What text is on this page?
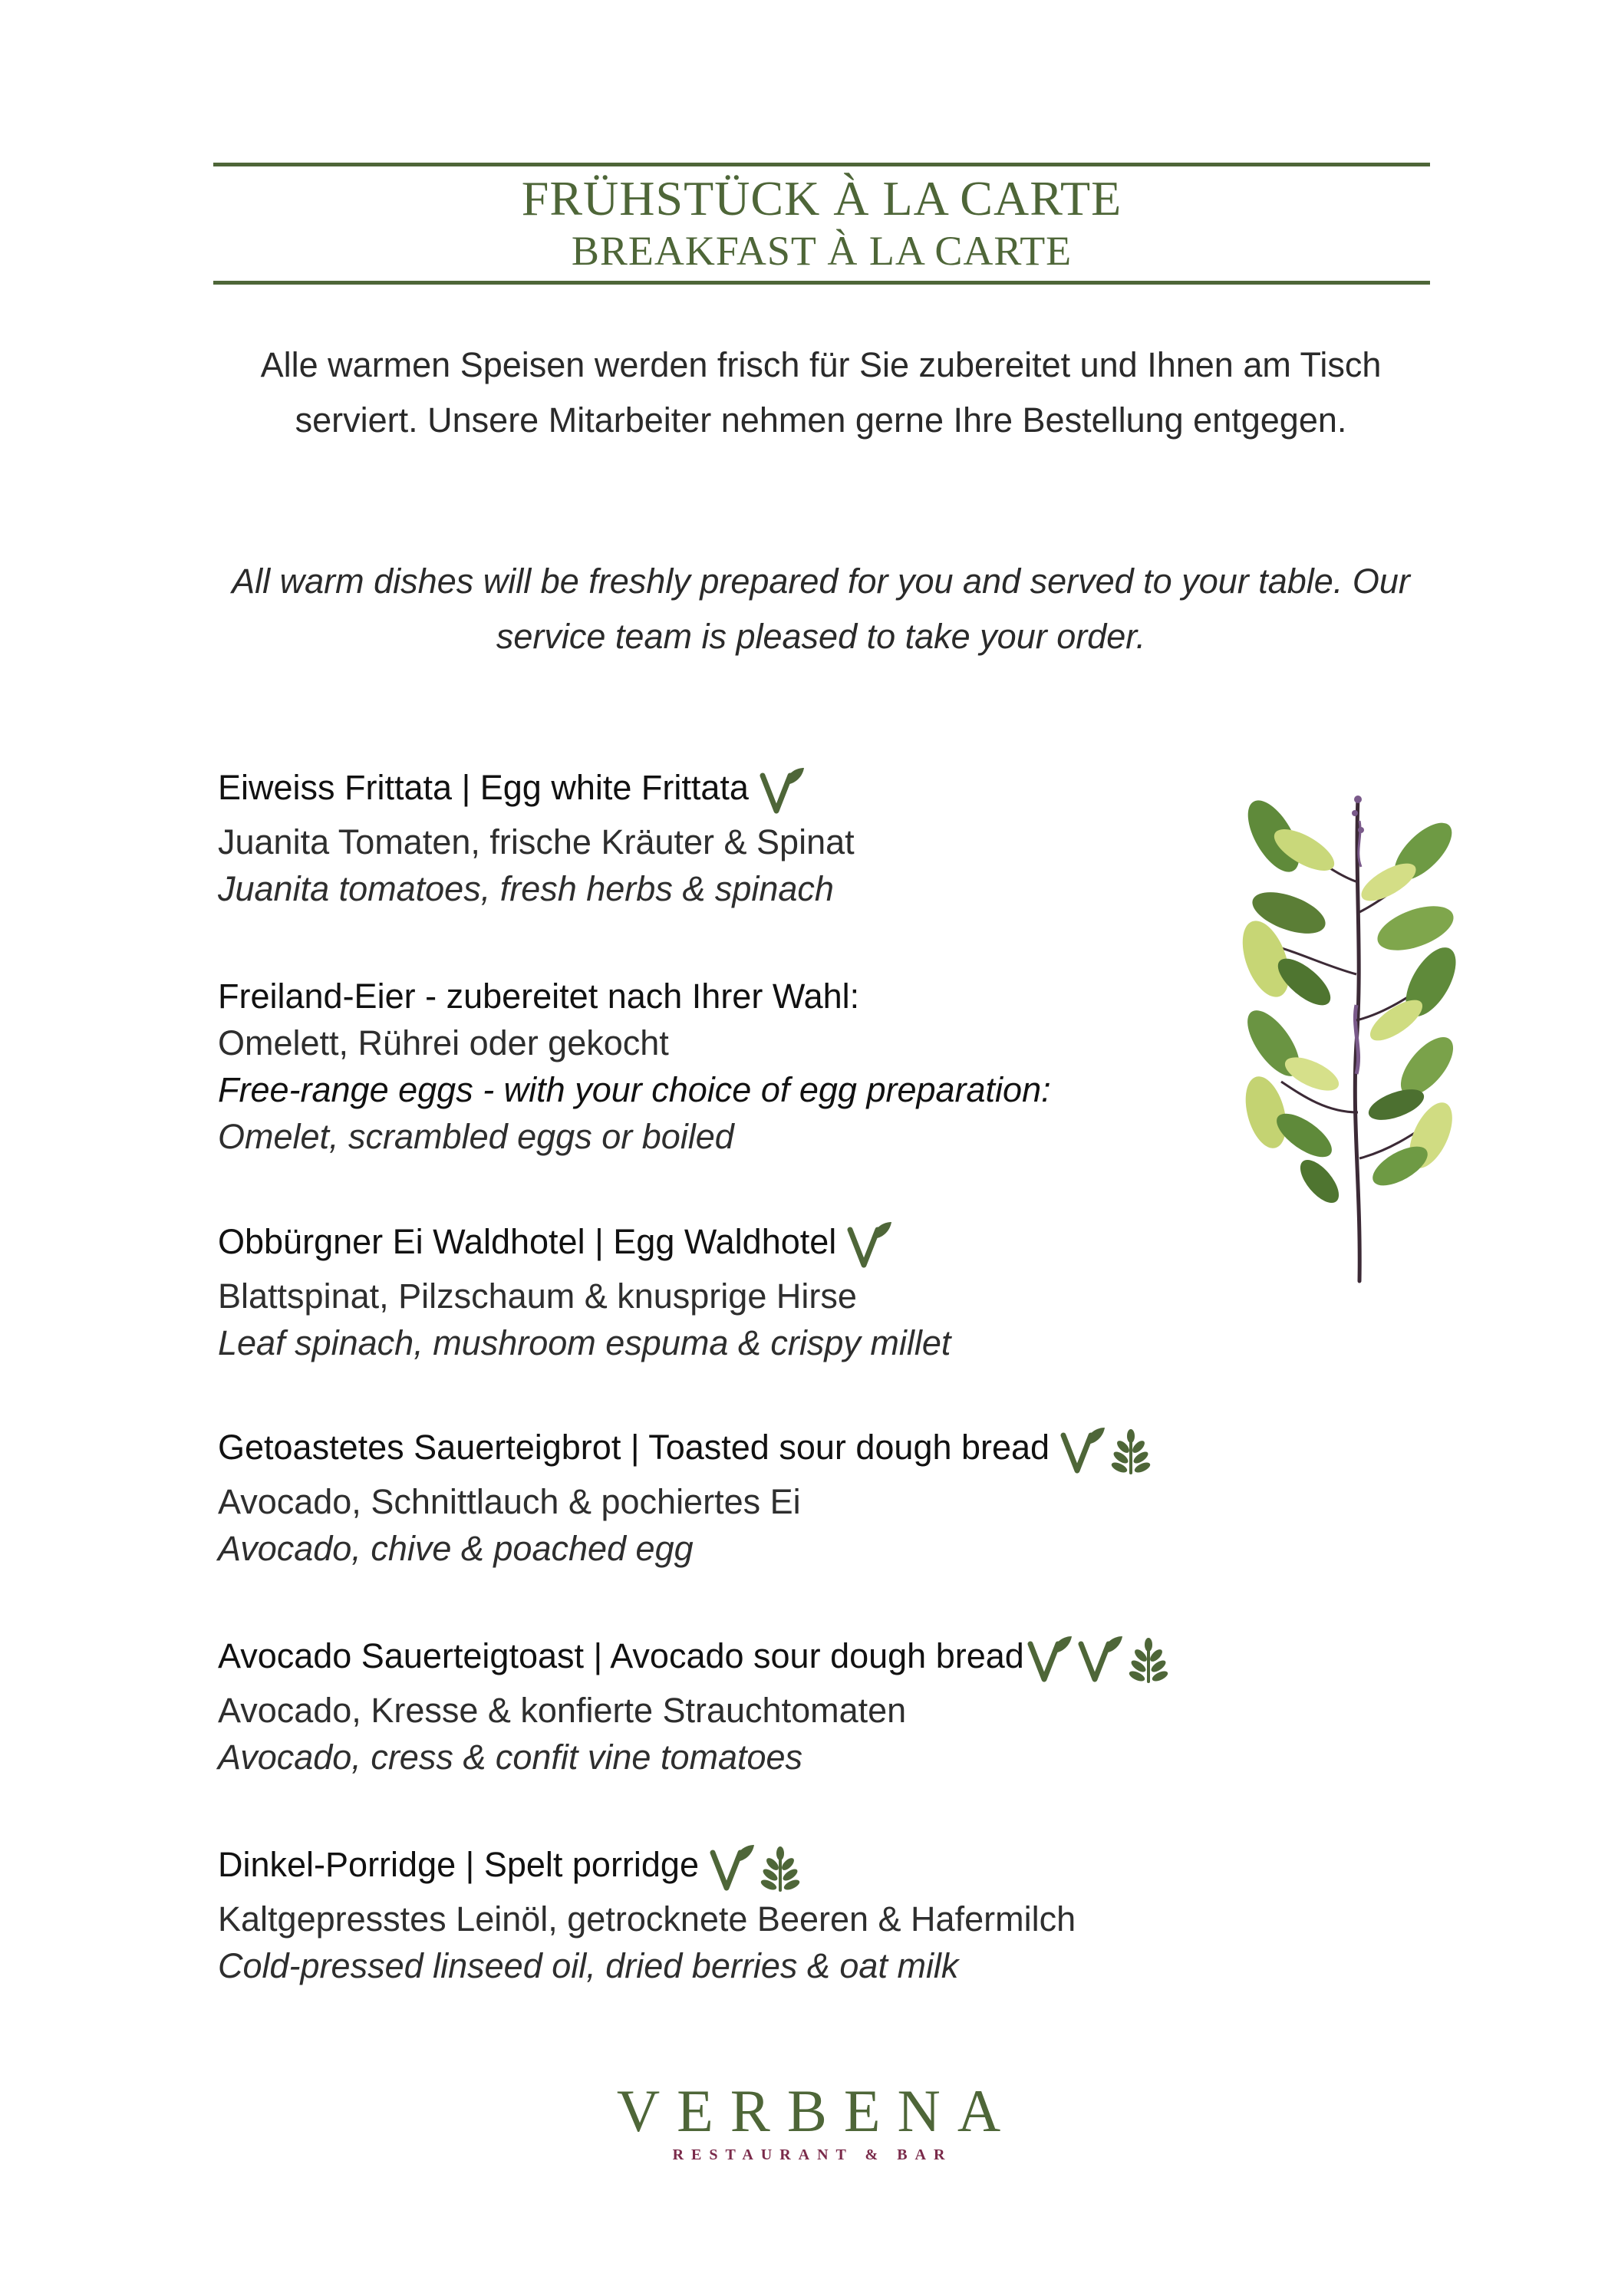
FRÜHSTÜCK À LA CARTE
BREAKFAST À LA CARTE

Alle warmen Speisen werden frisch für Sie zubereitet und Ihnen am Tisch serviert. Unsere Mitarbeiter nehmen gerne Ihre Bestellung entgegen.

All warm dishes will be freshly prepared for you and served to your table. Our service team is pleased to take your order.

Eiweiss Frittata | Egg white Frittata
Juanita Tomaten, frische Kräuter & Spinat
Juanita tomatoes, fresh herbs & spinach
Freiland-Eier - zubereitet nach Ihrer Wahl:
Omelett, Rührei oder gekocht
Free-range eggs - with your choice of egg preparation:
Omelet, scrambled eggs or boiled
Obbürgner Ei Waldhotel | Egg Waldhotel
Blattspinat, Pilzschaum & knusprige Hirse
Leaf spinach, mushroom espuma & crispy millet
Getoastetes Sauerteigbrot | Toasted sour dough bread
Avocado, Schnittlauch & pochiertes Ei
Avocado, chive & poached egg
Avocado Sauerteigtoast | Avocado sour dough bread
Avocado, Kresse & konfierte Strauchtomaten
Avocado, cress & confit vine tomatoes
Dinkel-Porridge | Spelt porridge
Kaltgepresstes Leinöl, getrocknete Beeren & Hafermilch
Cold-pressed linseed oil, dried berries & oat milk
VERBENA
RESTAURANT & BAR
